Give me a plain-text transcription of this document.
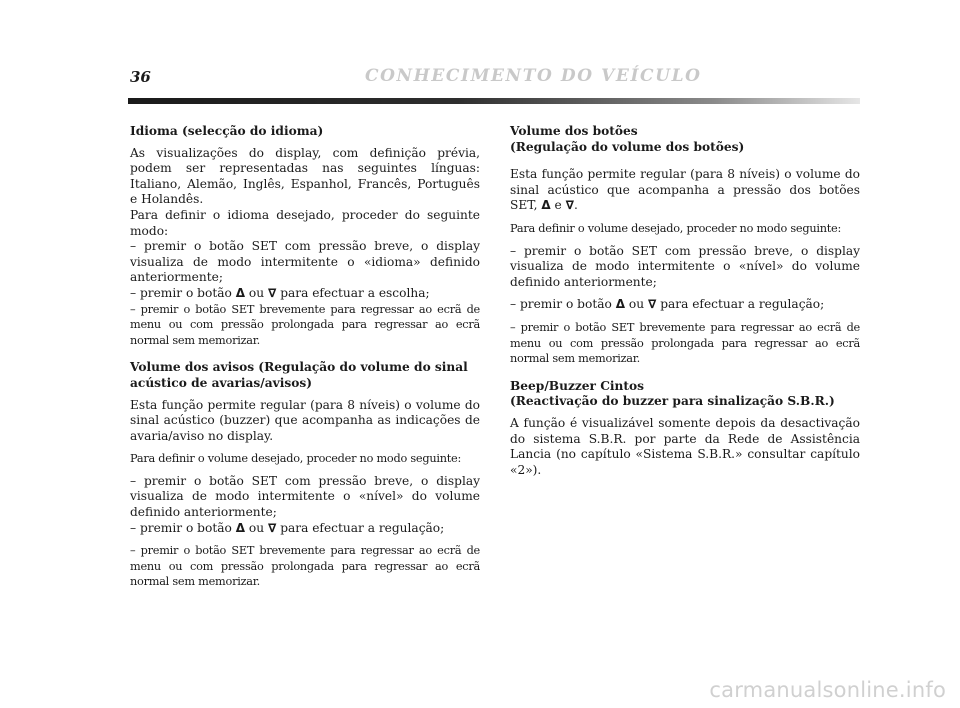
36	CONHECIMENTO DO VEÍCULO

Idioma (selecção do idioma)

As visualizações do display, com definição prévia, podem ser representadas nas seguintes línguas: Italiano, Alemão, Inglês, Espanhol, Francês, Português e Holandês.

Para definir o idioma desejado, proceder do seguinte modo:

– premir o botão SET com pressão breve, o display visualiza de modo intermitente o «idioma» definido anteriormente;

– premir o botão Δ ou ∇ para efectuar a escolha;

– premir o botão SET brevemente para regressar ao ecrã de menu ou com pressão prolongada para regressar ao ecrã normal sem memorizar.

Volume dos avisos (Regulação do volume do sinal
acústico de avarias/avisos)

Esta função permite regular (para 8 níveis) o volume do sinal acústico (buzzer) que acompanha as indicações de avaria/aviso no display.

Para definir o volume desejado, proceder no modo seguinte:

– premir o botão SET com pressão breve, o display visualiza de modo intermitente o «nível» do volume definido anteriormente;

– premir o botão Δ ou ∇ para efectuar a regulação;

– premir o botão SET brevemente para regressar ao ecrã de menu ou com pressão prolongada para regressar ao ecrã normal sem memorizar.

Volume dos botões
(Regulação do volume dos botões)

Esta função permite regular (para 8 níveis) o volume do sinal acústico que acompanha a pressão dos botões SET, Δ e ∇.

Para definir o volume desejado, proceder no modo seguinte:

– premir o botão SET com pressão breve, o display visualiza de modo intermitente o «nível» do volume definido anteriormente;

– premir o botão Δ ou ∇ para efectuar a regulação;

– premir o botão SET brevemente para regressar ao ecrã de menu ou com pressão prolongada para regressar ao ecrã normal sem memorizar.

Beep/Buzzer Cintos
(Reactivação do buzzer para sinalização S.B.R.)

A função é visualizável somente depois da desactivação do sistema S.B.R. por parte da Rede de Assistência Lancia (no capítulo «Sistema S.B.R.» consultar capítulo «2»).

carmanualsonline.info
